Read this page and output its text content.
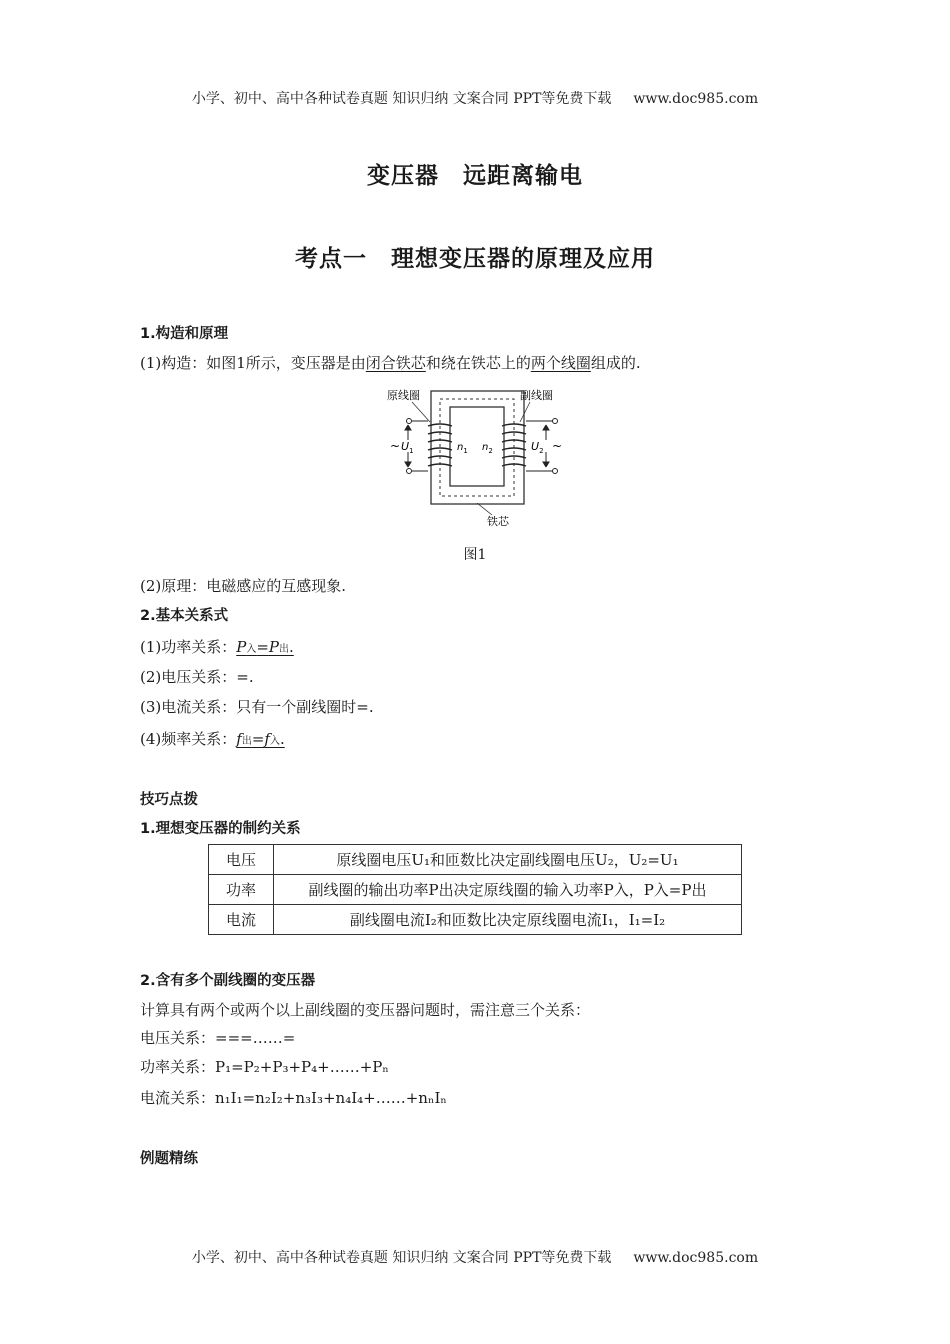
小学、初中、高中各种试卷真题 知识归纳 文案合同 PPT等免费下载 www.doc985.com
变压器　远距离输电
考点一　理想变压器的原理及应用
1.构造和原理
(1)构造：如图1所示，变压器是由闭合铁芯和绕在铁芯上的两个线圈组成的.
原线圈	副线圈
铁芯
~ $U_1$	$n_1$ $n_2$	$U_2$ ~
图1
(2)原理：电磁感应的互感现象.
2.基本关系式
(1)功率关系：P入=P出.
(2)电压关系：=.
(3)电流关系：只有一个副线圈时=.
(4)频率关系：f出=f入.
技巧点拨
1.理想变压器的制约关系
电压	原线圈电压U₁和匝数比决定副线圈电压U₂，U₂=U₁
功率	副线圈的输出功率P出决定原线圈的输入功率P入，P入=P出
电流	副线圈电流I₂和匝数比决定原线圈电流I₁，I₁=I₂
2.含有多个副线圈的变压器
计算具有两个或两个以上副线圈的变压器问题时，需注意三个关系：
电压关系：===……=
功率关系：P₁=P₂+P₃+P₄+……+Pₙ
电流关系：n₁I₁=n₂I₂+n₃I₃+n₄I₄+……+nₙIₙ
例题精练
小学、初中、高中各种试卷真题 知识归纳 文案合同 PPT等免费下载 www.doc985.com
